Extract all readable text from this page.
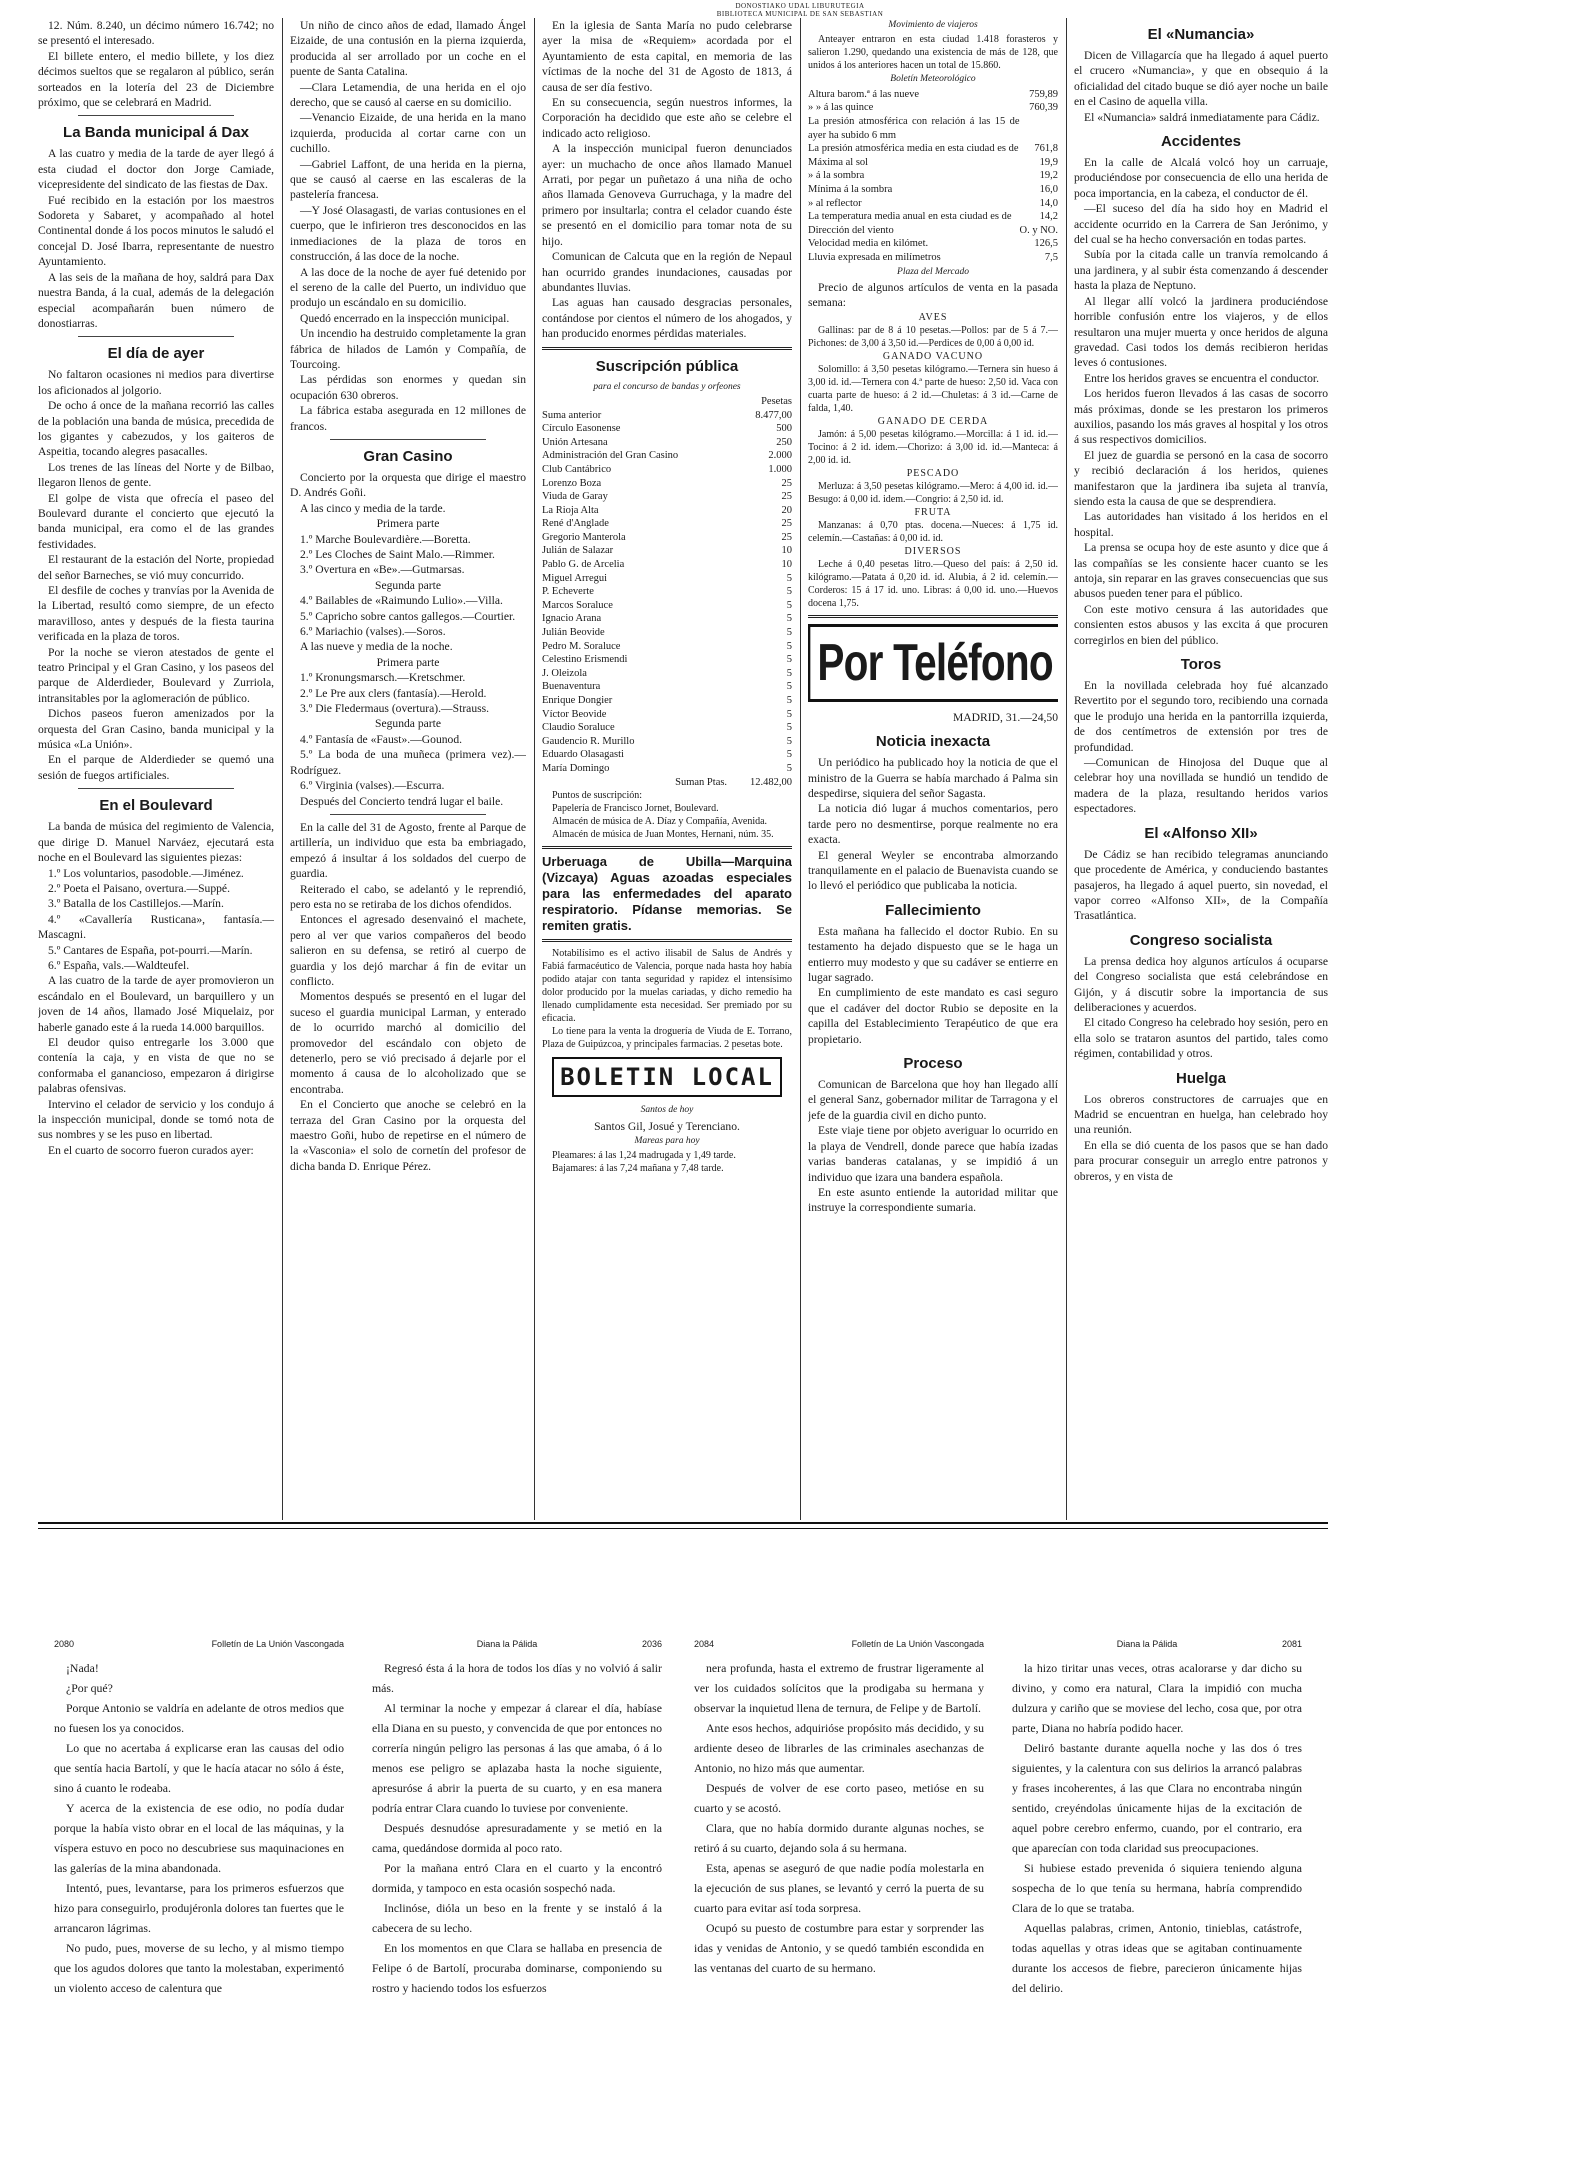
DONOSTIAKO UDAL LIBURUTEGIA
BIBLIOTECA MUNICIPAL DE SAN SEBASTIAN

12. Núm. 8.240, un décimo número 16.742; no se presentó el interesado.

El billete entero, el medio billete, y los diez décimos sueltos que se regalaron al público, serán sorteados en la lotería del 23 de Diciembre próximo, que se celebrará en Madrid.

La Banda municipal á Dax

A las cuatro y media de la tarde de ayer llegó á esta ciudad el doctor don Jorge Camiade, vicepresidente del sindicato de las fiestas de Dax.

Fué recibido en la estación por los maestros Sodoreta y Sabaret, y acompañado al hotel Continental donde á los pocos minutos le saludó el concejal D. José Ibarra, representante de nuestro Ayuntamiento.

A las seis de la mañana de hoy, saldrá para Dax nuestra Banda, á la cual, además de la delegación especial acompañarán buen número de donostiarras.

El día de ayer

No faltaron ocasiones ni medios para divertirse los aficionados al jolgorio.

De ocho á once de la mañana recorrió las calles de la población una banda de música, precedida de los gigantes y cabezudos, y los gaiteros de Aspeitia, tocando alegres pasacalles.

Los trenes de las líneas del Norte y de Bilbao, llegaron llenos de gente.

El golpe de vista que ofrecía el paseo del Boulevard durante el concierto que ejecutó la banda municipal, era como el de las grandes festividades.

El restaurant de la estación del Norte, propiedad del señor Barneches, se vió muy concurrido.

El desfile de coches y tranvías por la Avenida de la Libertad, resultó como siempre, de un efecto maravilloso, antes y después de la fiesta taurina verificada en la plaza de toros.

Por la noche se vieron atestados de gente el teatro Principal y el Gran Casino, y los paseos del parque de Alderdieder, Boulevard y Zurriola, intransitables por la aglomeración de público.

Dichos paseos fueron amenizados por la orquesta del Gran Casino, banda municipal y la música «La Unión».

En el parque de Alderdieder se quemó una sesión de fuegos artificiales.

En el Boulevard

La banda de música del regimiento de Valencia, que dirige D. Manuel Narváez, ejecutará esta noche en el Boulevard las siguientes piezas:

1.º Los voluntarios, pasodoble.—Jiménez.

2.º Poeta el Paisano, overtura.—Suppé.

3.º Batalla de los Castillejos.—Marín.

4.º «Cavallería Rusticana», fantasía.—Mascagni.

5.º Cantares de España, pot-pourri.—Marín.

6.º España, vals.—Waldteufel.

A las cuatro de la tarde de ayer promovieron un escándalo en el Boulevard, un barquillero y un joven de 14 años, llamado José Miquelaiz, por haberle ganado este á la rueda 14.000 barquillos.

El deudor quiso entregarle los 3.000 que contenía la caja, y en vista de que no se conformaba el ganancioso, empezaron á dirigirse palabras ofensivas.

Intervino el celador de servicio y los condujo á la inspección municipal, donde se tomó nota de sus nombres y se les puso en libertad.

En el cuarto de socorro fueron curados ayer:

Un niño de cinco años de edad, llamado Ángel Eizaide, de una contusión en la pierna izquierda, producida al ser arrollado por un coche en el puente de Santa Catalina.

—Clara Letamendia, de una herida en el ojo derecho, que se causó al caerse en su domicilio.

—Venancio Eizaide, de una herida en la mano izquierda, producida al cortar carne con un cuchillo.

—Gabriel Laffont, de una herida en la pierna, que se causó al caerse en las escaleras de la pastelería francesa.

—Y José Olasagasti, de varias contusiones en el cuerpo, que le infirieron tres desconocidos en las inmediaciones de la plaza de toros en construcción, á las doce de la noche.

A las doce de la noche de ayer fué detenido por el sereno de la calle del Puerto, un individuo que produjo un escándalo en su domicilio.

Quedó encerrado en la inspección municipal.

Un incendio ha destruido completamente la gran fábrica de hilados de Lamón y Compañía, de Tourcoing.

Las pérdidas son enormes y quedan sin ocupación 630 obreros.

La fábrica estaba asegurada en 12 millones de francos.

Gran Casino

Concierto por la orquesta que dirige el maestro D. Andrés Goñi.

A las cinco y media de la tarde.

Primera parte

1.º Marche Boulevardière.—Boretta.

2.º Les Cloches de Saint Malo.—Rimmer.

3.º Overtura en «Be».—Gutmarsas.

Segunda parte

4.º Bailables de «Raimundo Lulio».—Villa.

5.º Capricho sobre cantos gallegos.—Courtier.

6.º Mariachio (valses).—Soros.

A las nueve y media de la noche.

Primera parte

1.º Kronungsmarsch.—Kretschmer.

2.º Le Pre aux clers (fantasía).—Herold.

3.º Die Fledermaus (overtura).—Strauss.

Segunda parte

4.º Fantasía de «Faust».—Gounod.

5.º La boda de una muñeca (primera vez).—Rodríguez.

6.º Virginia (valses).—Escurra.

Después del Concierto tendrá lugar el baile.

En la calle del 31 de Agosto, frente al Parque de artillería, un individuo que esta ba embriagado, empezó á insultar á los soldados del cuerpo de guardia.

Reiterado el cabo, se adelantó y le reprendió, pero esta no se retiraba de los dichos ofendidos.

Entonces el agresado desenvainó el machete, pero al ver que varios compañeros del beodo salieron en su defensa, se retiró al cuerpo de guardia y los dejó marchar á fin de evitar un conflicto.

Momentos después se presentó en el lugar del suceso el guardia municipal Larman, y enterado de lo ocurrido marchó al domicilio del promovedor del escándalo con objeto de detenerlo, pero se vió precisado á dejarle por el momento á causa de lo alcoholizado que se encontraba.

En el Concierto que anoche se celebró en la terraza del Gran Casino por la orquesta del maestro Goñi, hubo de repetirse en el número de la «Vasconia» el solo de cornetín del profesor de dicha banda D. Enrique Pérez.

En la iglesia de Santa María no pudo celebrarse ayer la misa de «Requiem» acordada por el Ayuntamiento de esta capital, en memoria de las víctimas de la noche del 31 de Agosto de 1813, á causa de ser día festivo.

En su consecuencia, según nuestros informes, la Corporación ha decidido que este año se celebre el indicado acto religioso.

A la inspección municipal fueron denunciados ayer: un muchacho de once años llamado Manuel Arrati, por pegar un puñetazo á una niña de ocho años llamada Genoveva Gurruchaga, y la madre del primero por insultarla; contra el celador cuando éste se presentó en el domicilio para tomar nota de su hijo.

Comunican de Calcuta que en la región de Nepaul han ocurrido grandes inundaciones, causadas por abundantes lluvias.

Las aguas han causado desgracias personales, contándose por cientos el número de los ahogados, y han producido enormes pérdidas materiales.

Suscripción pública

para el concurso de bandas y orfeones

	Pesetas
Suma anterior	8.477,00
Círculo Easonense	500
Unión Artesana	250
Administración del Gran Casino	2.000
Club Cantábrico	1.000
Lorenzo Boza	25
Viuda de Garay	25
La Rioja Alta	20
René d'Anglade	25
Gregorio Manterola	25
Julián de Salazar	10
Pablo G. de Arcelia	10
Miguel Arregui	5
P. Echeverte	5
Marcos Soraluce	5
Ignacio Arana	5
Julián Beovide	5
Pedro M. Soraluce	5
Celestino Erismendi	5
J. Oleizola	5
Buenaventura	5
Enrique Dongier	5
Víctor Beovide	5
Claudio Soraluce	5
Gaudencio R. Murillo	5
Eduardo Olasagasti	5
María Domingo	5
Suman Ptas.	12.482,00

Puntos de suscripción:

Papelería de Francisco Jornet, Boulevard.

Almacén de música de A. Díaz y Compañía, Avenida.

Almacén de música de Juan Montes, Hernani, núm. 35.

Urberuaga de Ubilla—Marquina (Vizcaya) Aguas azoadas especiales para las enfermedades del aparato respiratorio. Pídanse memorias. Se remiten gratis.

Notabilísimo es el activo ilisabil de Salus de Andrés y Fabiá farmacéutico de Valencia, porque nada hasta hoy había podido atajar con tanta seguridad y rapidez el intensísimo dolor producido por la muelas cariadas, y dicho remedio ha llenado cumplidamente esta necesidad. Ser premiado por su eficacia.

Lo tiene para la venta la droguería de Viuda de E. Torrano, Plaza de Guipúzcoa, y principales farmacias. 2 pesetas bote.

BOLETIN LOCAL

Santos de hoy

Santos Gil, Josué y Terenciano.

Mareas para hoy

Pleamares: á las 1,24 madrugada y 1,49 tarde.

Bajamares: á las 7,24 mañana y 7,48 tarde.

Movimiento de viajeros

Anteayer entraron en esta ciudad 1.418 forasteros y salieron 1.290, quedando una existencia de más de 128, que unidos á los anteriores hacen un total de 15.860.

Boletín Meteorológico

Altura barom.ª á las nueve	759,89
» » á las quince	760,39
La presión atmosférica con relación á las 15 de ayer ha subido 6 mm	
La presión atmosférica media en esta ciudad es de	761,8
Máxima al sol	19,9
» á la sombra	19,2
Mínima á la sombra	16,0
» al reflector	14,0
La temperatura media anual en esta ciudad es de	14,2
Dirección del viento	O. y NO.
Velocidad media en kilómet.	126,5
Lluvia expresada en milímetros	7,5

Plaza del Mercado

Precio de algunos artículos de venta en la pasada semana:

AVES

Gallinas: par de 8 á 10 pesetas.—Pollos: par de 5 á 7.—Pichones: de 3,00 á 3,50 id.—Perdices de 0,00 á 0,00 id.

GANADO VACUNO

Solomillo: á 3,50 pesetas kilógramo.—Ternera sin hueso á 3,00 id. id.—Ternera con 4.ª parte de hueso: 2,50 id. Vaca con cuarta parte de hueso: á 2 id.—Chuletas: á 3 id.—Carne de falda, 1,40.

GANADO DE CERDA

Jamón: á 5,00 pesetas kilógramo.—Morcilla: á 1 id. id.—Tocino: á 2 id. idem.—Chorizo: á 3,00 id. id.—Manteca: á 2,00 id. id.

PESCADO

Merluza: á 3,50 pesetas kilógramo.—Mero: á 4,00 id. id.—Besugo: á 0,00 id. idem.—Congrio: á 2,50 id. id.

FRUTA

Manzanas: á 0,70 ptas. docena.—Nueces: á 1,75 id. celemín.—Castañas: á 0,00 id. id.

DIVERSOS

Leche á 0,40 pesetas litro.—Queso del país: á 2,50 id. kilógramo.—Patata á 0,20 id. id. Alubia, á 2 id. celemín.—Corderos: 15 á 17 id. uno. Libras: á 0,00 id. uno.—Huevos docena 1,75.

Por Teléfono

MADRID, 31.—24,50

Noticia inexacta

Un periódico ha publicado hoy la noticia de que el ministro de la Guerra se había marchado á Palma sin despedirse, siquiera del señor Sagasta.

La noticia dió lugar á muchos comentarios, pero tarde pero no desmentirse, porque realmente no era exacta.

El general Weyler se encontraba almorzando tranquilamente en el palacio de Buenavista cuando se lo llevó el periódico que publicaba la noticia.

Fallecimiento

Esta mañana ha fallecido el doctor Rubio. En su testamento ha dejado dispuesto que se le haga un entierro muy modesto y que su cadáver se entierre en lugar sagrado.

En cumplimiento de este mandato es casi seguro que el cadáver del doctor Rubio se deposite en la capilla del Establecimiento Terapéutico de que era propietario.

Proceso

Comunican de Barcelona que hoy han llegado allí el general Sanz, gobernador militar de Tarragona y el jefe de la guardia civil en dicho punto.

Este viaje tiene por objeto averiguar lo ocurrido en la playa de Vendrell, donde parece que había izadas varias banderas catalanas, y se impidió á un individuo que izara una bandera española.

En este asunto entiende la autoridad militar que instruye la correspondiente sumaria.

El «Numancia»

Dicen de Villagarcía que ha llegado á aquel puerto el crucero «Numancia», y que en obsequio á la oficialidad del citado buque se dió ayer noche un baile en el Casino de aquella villa.

El «Numancia» saldrá inmediatamente para Cádiz.

Accidentes

En la calle de Alcalá volcó hoy un carruaje, produciéndose por consecuencia de ello una herida de poca importancia, en la cabeza, el conductor de él.

—El suceso del día ha sido hoy en Madrid el accidente ocurrido en la Carrera de San Jerónimo, y del cual se ha hecho conversación en todas partes.

Subía por la citada calle un tranvía remolcando á una jardinera, y al subir ésta comenzando á descender hasta la plaza de Neptuno.

Al llegar allí volcó la jardinera produciéndose horrible confusión entre los viajeros, y de ellos resultaron una mujer muerta y once heridos de alguna gravedad. Casi todos los demás recibieron heridas leves ó contusiones.

Entre los heridos graves se encuentra el conductor.

Los heridos fueron llevados á las casas de socorro más próximas, donde se les prestaron los primeros auxilios, pasando los más graves al hospital y los otros á sus respectivos domicilios.

El juez de guardia se personó en la casa de socorro y recibió declaración á los heridos, quienes manifestaron que la jardinera iba sujeta al tranvía, siendo esta la causa de que se desprendiera.

Las autoridades han visitado á los heridos en el hospital.

La prensa se ocupa hoy de este asunto y dice que á las compañías se les consiente hacer cuanto se les antoja, sin reparar en las graves consecuencias que sus abusos pueden tener para el público.

Con este motivo censura á las autoridades que consienten estos abusos y las excita á que procuren corregirlos en bien del público.

Toros

En la novillada celebrada hoy fué alcanzado Revertito por el segundo toro, recibiendo una cornada que le produjo una herida en la pantorrilla izquierda, de dos centímetros de extensión por tres de profundidad.

—Comunican de Hinojosa del Duque que al celebrar hoy una novillada se hundió un tendido de madera de la plaza, resultando heridos varios espectadores.

El «Alfonso XII»

De Cádiz se han recibido telegramas anunciando que procedente de América, y conduciendo bastantes pasajeros, ha llegado á aquel puerto, sin novedad, el vapor correo «Alfonso XII», de la Compañía Trasatlántica.

Congreso socialista

La prensa dedica hoy algunos artículos á ocuparse del Congreso socialista que está celebrándose en Gijón, y á discutir sobre la importancia de sus deliberaciones y acuerdos.

El citado Congreso ha celebrado hoy sesión, pero en ella solo se trataron asuntos del partido, tales como régimen, contabilidad y otros.

Huelga

Los obreros constructores de carruajes que en Madrid se encuentran en huelga, han celebrado hoy una reunión.

En ella se dió cuenta de los pasos que se han dado para procurar conseguir un arreglo entre patronos y obreros, y en vista de

2080	Folletín de La Unión Vascongada

¡Nada!

¿Por qué?

Porque Antonio se valdría en adelante de otros medios que no fuesen los ya conocidos.

Lo que no acertaba á explicarse eran las causas del odio que sentía hacia Bartolí, y que le hacía atacar no sólo á éste, sino á cuanto le rodeaba.

Y acerca de la existencia de ese odio, no podía dudar porque la había visto obrar en el local de las máquinas, y la víspera estuvo en poco no descubriese sus maquinaciones en las galerías de la mina abandonada.

Intentó, pues, levantarse, para los primeros esfuerzos que hizo para conseguirlo, produjéronla dolores tan fuertes que le arrancaron lágrimas.

No pudo, pues, moverse de su lecho, y al mismo tiempo que los agudos dolores que tanto la molestaban, experimentó un violento acceso de calentura que

Diana la Pálida	2036

Regresó ésta á la hora de todos los días y no volvió á salir más.

Al terminar la noche y empezar á clarear el día, habíase ella Diana en su puesto, y convencida de que por entonces no correría ningún peligro las personas á las que amaba, ó á lo menos ese peligro se aplazaba hasta la noche siguiente, apresuróse á abrir la puerta de su cuarto, y en esa manera podría entrar Clara cuando lo tuviese por conveniente.

Después desnudóse apresuradamente y se metió en la cama, quedándose dormida al poco rato.

Por la mañana entró Clara en el cuarto y la encontró dormida, y tampoco en esta ocasión sospechó nada.

Inclinóse, dióla un beso en la frente y se instaló á la cabecera de su lecho.

En los momentos en que Clara se hallaba en presencia de Felipe ó de Bartolí, procuraba dominarse, componiendo su rostro y haciendo todos los esfuerzos

2084	Folletín de La Unión Vascongada

nera profunda, hasta el extremo de frustrar ligeramente al ver los cuidados solícitos que la prodigaba su hermana y observar la inquietud llena de ternura, de Felipe y de Bartolí.

Ante esos hechos, adquirióse propósito más decidido, y su ardiente deseo de librarles de las criminales asechanzas de Antonio, no hizo más que aumentar.

Después de volver de ese corto paseo, metióse en su cuarto y se acostó.

Clara, que no había dormido durante algunas noches, se retiró á su cuarto, dejando sola á su hermana.

Esta, apenas se aseguró de que nadie podía molestarla en la ejecución de sus planes, se levantó y cerró la puerta de su cuarto para evitar así toda sorpresa.

Ocupó su puesto de costumbre para estar y sorprender las idas y venidas de Antonio, y se quedó también escondida en las ventanas del cuarto de su hermano.

Diana la Pálida	2081

la hizo tiritar unas veces, otras acalorarse y dar dicho su divino, y como era natural, Clara la impidió con mucha dulzura y cariño que se moviese del lecho, cosa que, por otra parte, Diana no habría podido hacer.

Deliró bastante durante aquella noche y las dos ó tres siguientes, y la calentura con sus delirios la arrancó palabras y frases incoherentes, á las que Clara no encontraba ningún sentido, creyéndolas únicamente hijas de la excitación de aquel pobre cerebro enfermo, cuando, por el contrario, era que aparecían con toda claridad sus preocupaciones.

Si hubiese estado prevenida ó siquiera teniendo alguna sospecha de lo que tenía su hermana, habría comprendido Clara de lo que se trataba.

Aquellas palabras, crimen, Antonio, tinieblas, catástrofe, todas aquellas y otras ideas que se agitaban continuamente durante los accesos de fiebre, parecieron únicamente hijas del delirio.
